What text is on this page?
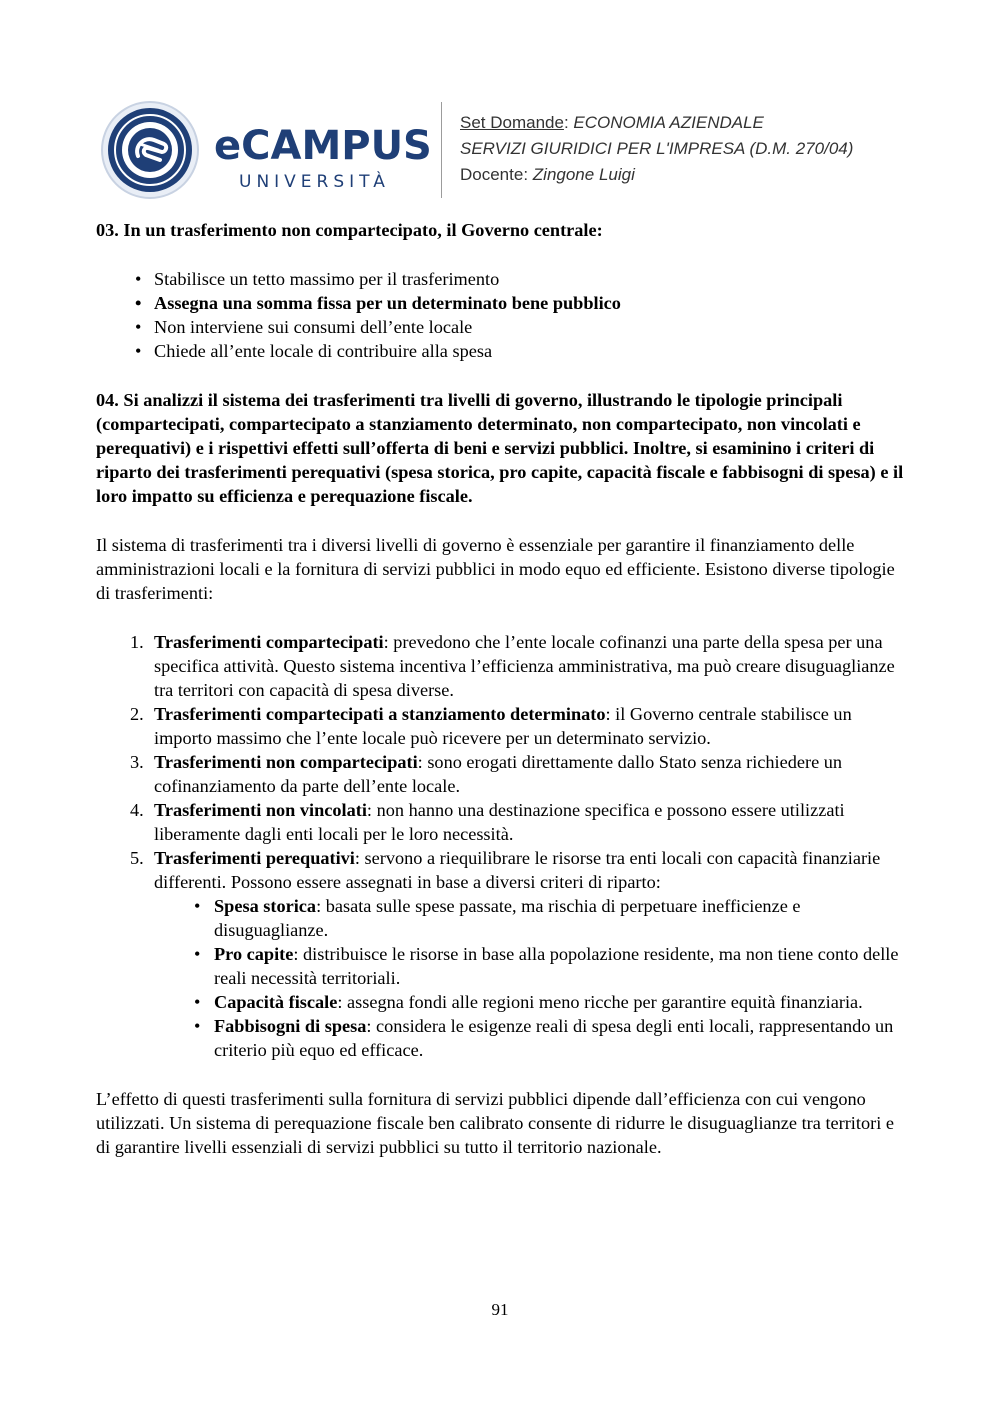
eCAMPUS
UNIVERSITÀ
Set Domande: ECONOMIA AZIENDALE
SERVIZI GIURIDICI PER L'IMPRESA (D.M. 270/04)
Docente: Zingone Luigi

03. In un trasferimento non compartecipato, il Governo centrale:

• Stabilisce un tetto massimo per il trasferimento
• Assegna una somma fissa per un determinato bene pubblico
• Non interviene sui consumi dell’ente locale
• Chiede all’ente locale di contribuire alla spesa

04. Si analizzi il sistema dei trasferimenti tra livelli di governo, illustrando le tipologie principali (compartecipati, compartecipato a stanziamento determinato, non compartecipato, non vincolati e perequativi) e i rispettivi effetti sull’offerta di beni e servizi pubblici. Inoltre, si esaminino i criteri di riparto dei trasferimenti perequativi (spesa storica, pro capite, capacità fiscale e fabbisogni di spesa) e il loro impatto su efficienza e perequazione fiscale.

Il sistema di trasferimenti tra i diversi livelli di governo è essenziale per garantire il finanziamento delle amministrazioni locali e la fornitura di servizi pubblici in modo equo ed efficiente. Esistono diverse tipologie di trasferimenti:

1. Trasferimenti compartecipati: prevedono che l’ente locale cofinanzi una parte della spesa per una specifica attività. Questo sistema incentiva l’efficienza amministrativa, ma può creare disuguaglianze tra territori con capacità di spesa diverse.
2. Trasferimenti compartecipati a stanziamento determinato: il Governo centrale stabilisce un importo massimo che l’ente locale può ricevere per un determinato servizio.
3. Trasferimenti non compartecipati: sono erogati direttamente dallo Stato senza richiedere un cofinanziamento da parte dell’ente locale.
4. Trasferimenti non vincolati: non hanno una destinazione specifica e possono essere utilizzati liberamente dagli enti locali per le loro necessità.
5. Trasferimenti perequativi: servono a riequilibrare le risorse tra enti locali con capacità finanziarie differenti. Possono essere assegnati in base a diversi criteri di riparto:
• Spesa storica: basata sulle spese passate, ma rischia di perpetuare inefficienze e disuguaglianze.
• Pro capite: distribuisce le risorse in base alla popolazione residente, ma non tiene conto delle reali necessità territoriali.
• Capacità fiscale: assegna fondi alle regioni meno ricche per garantire equità finanziaria.
• Fabbisogni di spesa: considera le esigenze reali di spesa degli enti locali, rappresentando un criterio più equo ed efficace.

L’effetto di questi trasferimenti sulla fornitura di servizi pubblici dipende dall’efficienza con cui vengono utilizzati. Un sistema di perequazione fiscale ben calibrato consente di ridurre le disuguaglianze tra territori e di garantire livelli essenziali di servizi pubblici su tutto il territorio nazionale.

91
